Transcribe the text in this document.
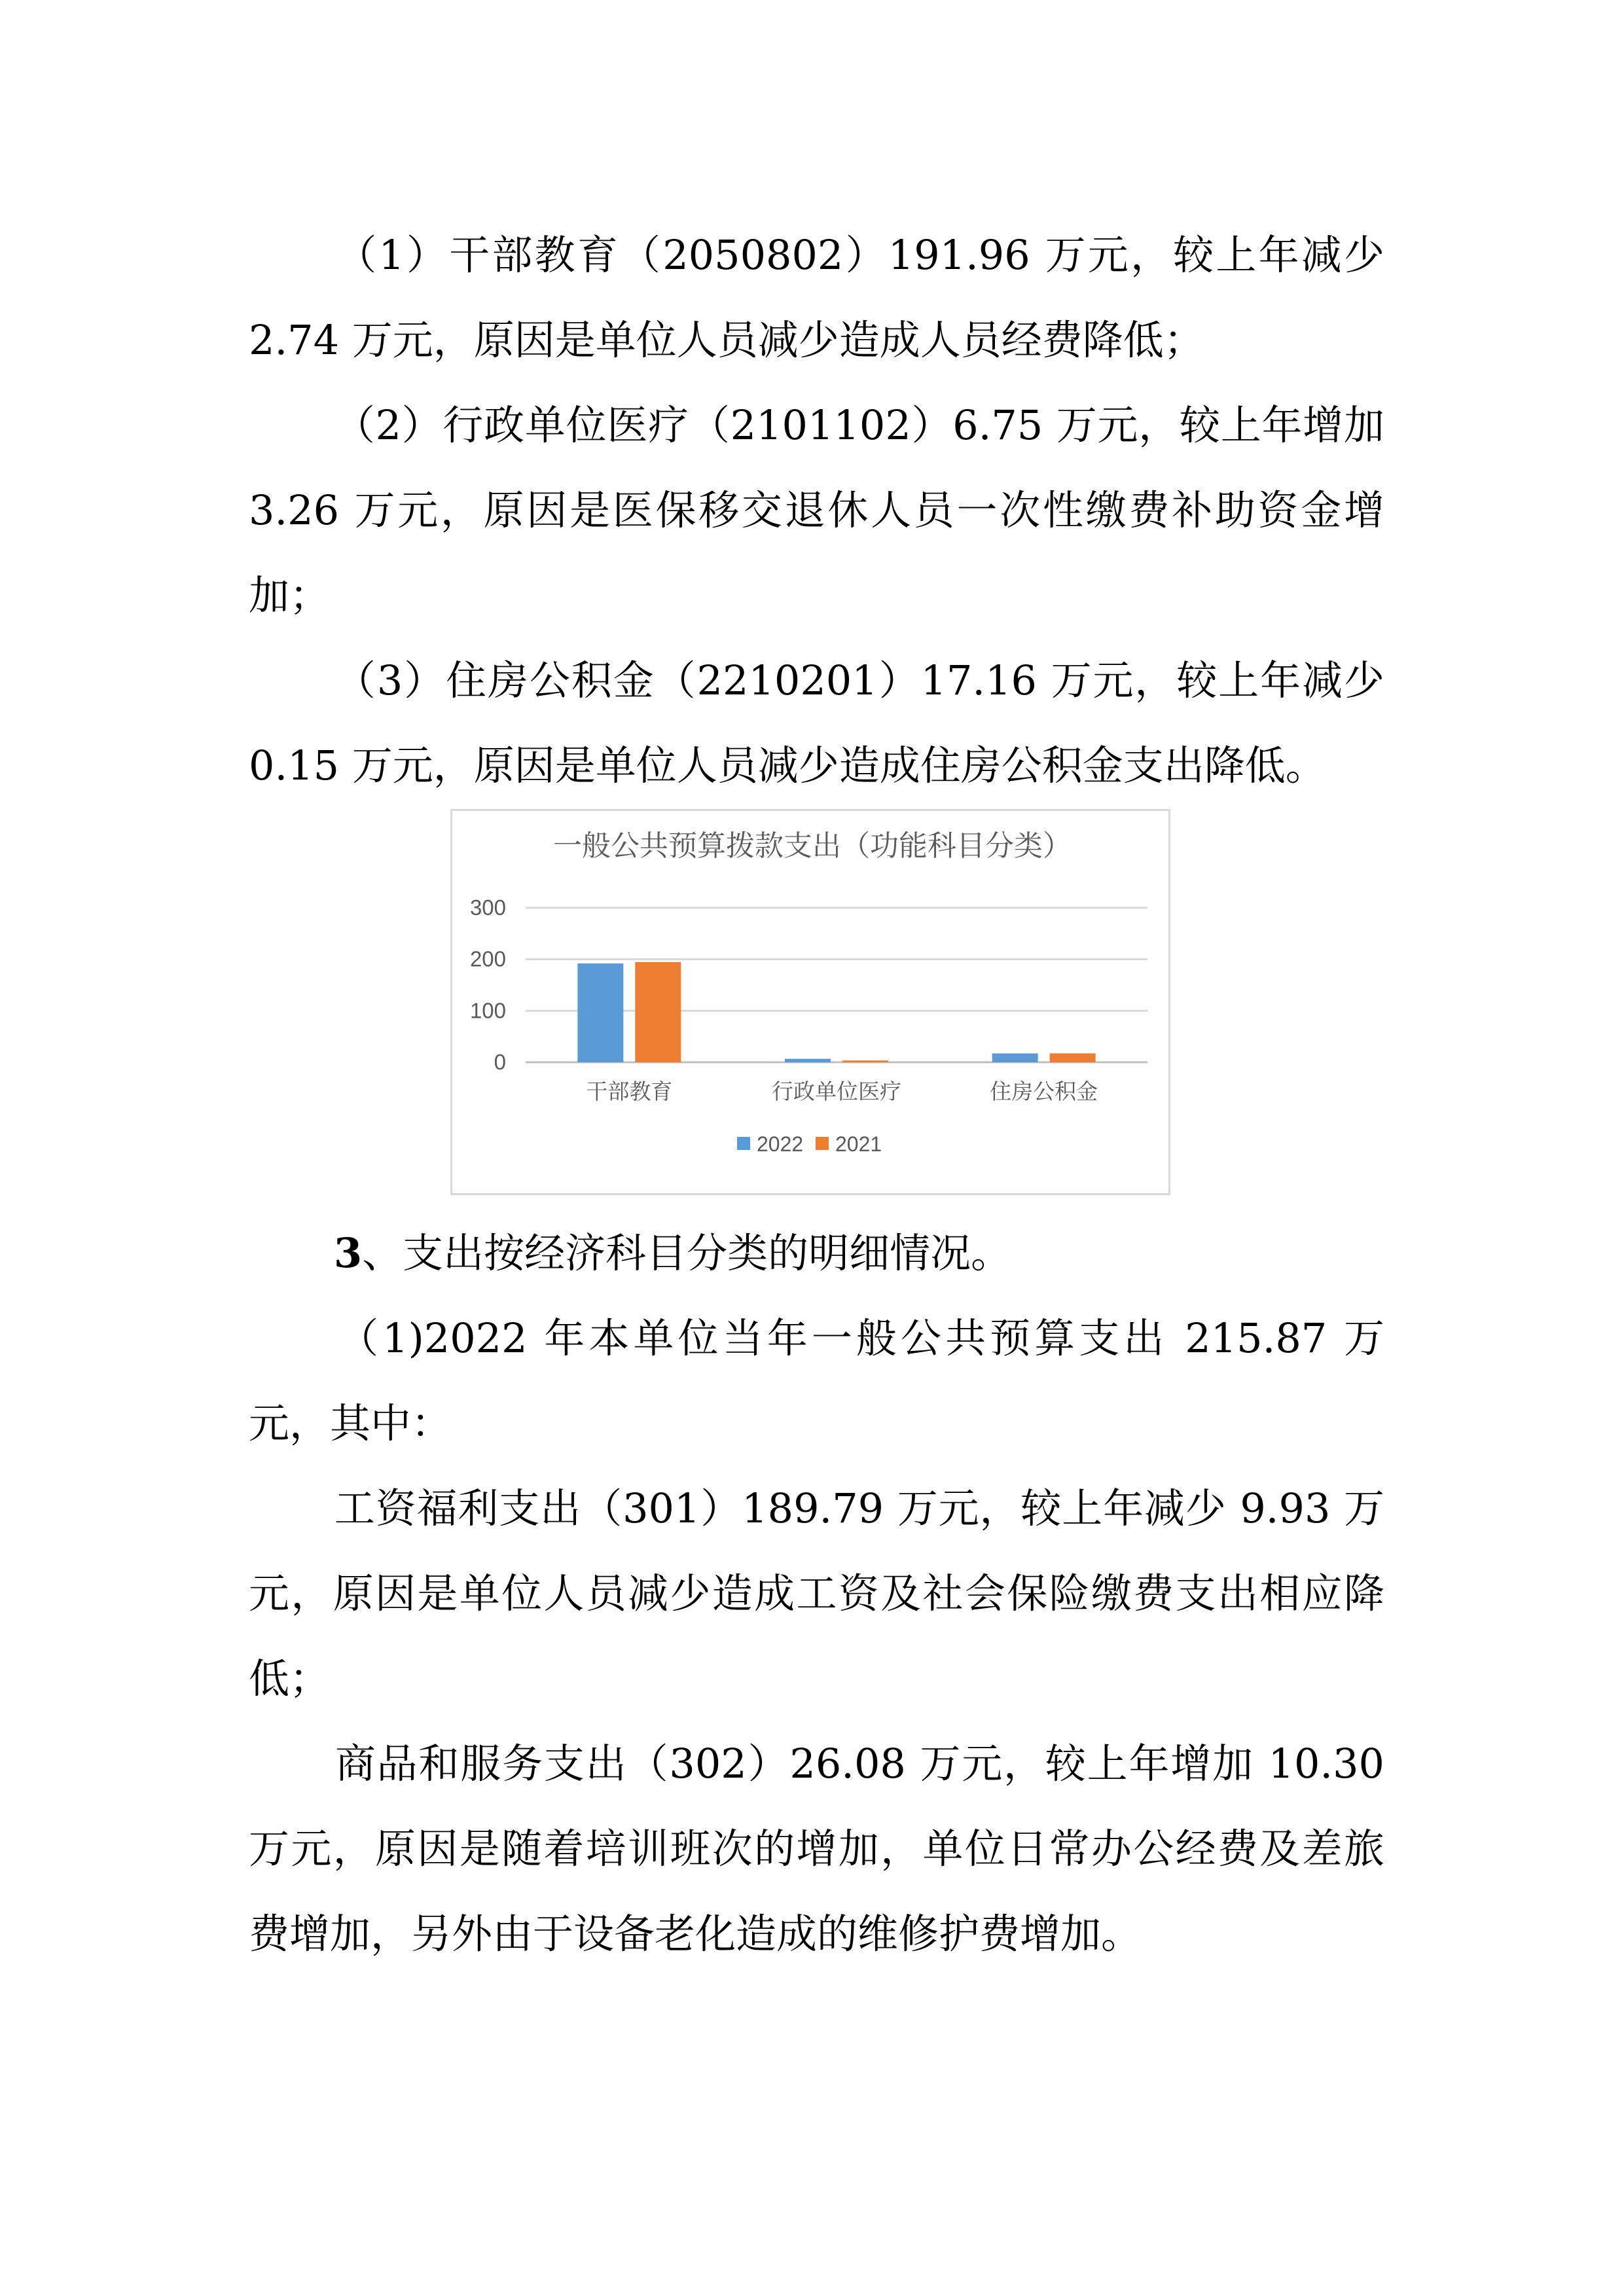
（1）干部教育（2050802）191.96 万元，较上年减少 2.74 万元，原因是单位人员减少造成人员经费降低；

（2）行政单位医疗（2101102）6.75 万元，较上年增加 3.26 万元，原因是医保移交退休人员一次性缴费补助资金增加；

（3）住房公积金（2210201）17.16 万元，较上年减少 0.15 万元，原因是单位人员减少造成住房公积金支出降低。

一般公共预算拨款支出（功能科目分类）
0
100
200
300
干部教育	行政单位医疗	住房公积金
2022 2021

3、支出按经济科目分类的明细情况。

（1)2022 年本单位当年一般公共预算支出 215.87 万元，其中：

工资福利支出（301）189.79 万元，较上年减少 9.93 万元，原因是单位人员减少造成工资及社会保险缴费支出相应降低；

商品和服务支出（302）26.08 万元，较上年增加 10.30 万元，原因是随着培训班次的增加，单位日常办公经费及差旅费增加，另外由于设备老化造成的维修护费增加。
